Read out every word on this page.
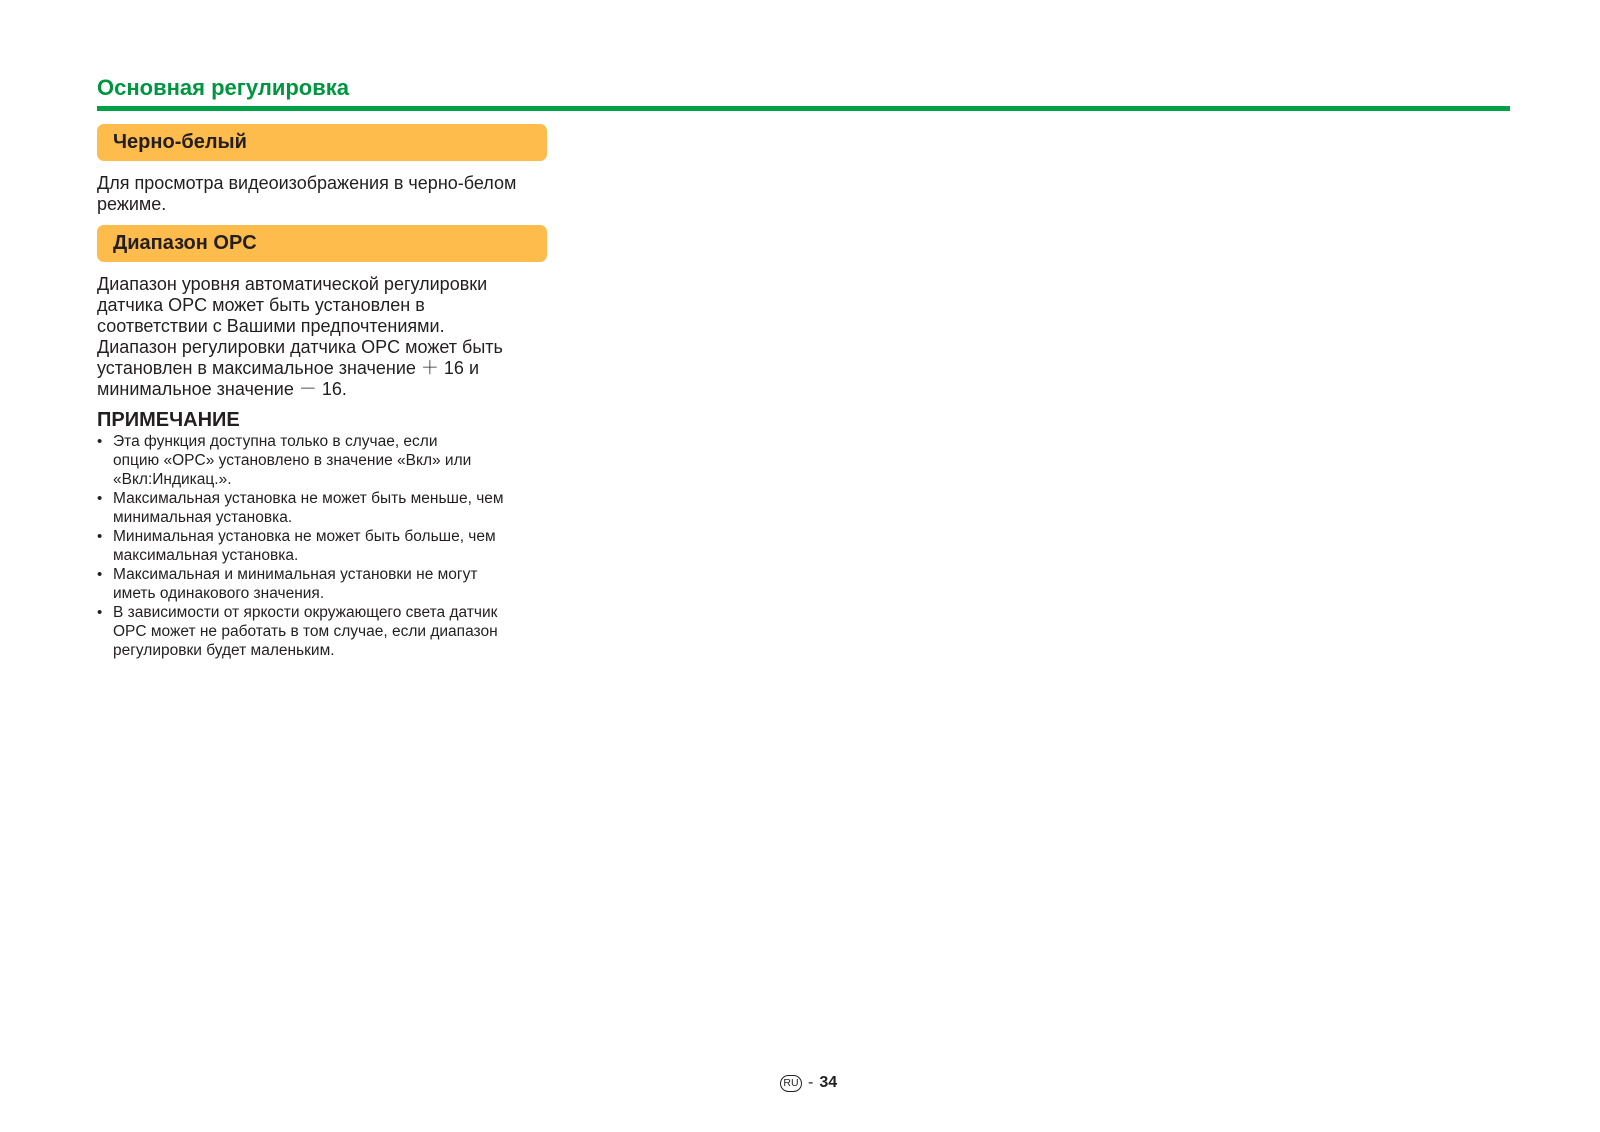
Основная регулировка
Черно-белый

Для просмотра видеоизображения в черно-белом
режиме.

Диапазон OPC

Диапазон уровня автоматической регулировки
датчика OPC может быть установлен в
соответствии с Вашими предпочтениями.
Диапазон регулировки датчика OPC может быть
установлен в максимальное значение ＋ 16 и
минимальное значение － 16.

ПРИМЕЧАНИЕ
• Эта функция доступна только в случае, если
опцию «OPC» установлено в значение «Вкл» или
«Вкл:Индикац.».
• Максимальная установка не может быть меньше, чем
минимальная установка.
• Минимальная установка не может быть больше, чем
максимальная установка.
• Максимальная и минимальная установки не могут
иметь одинакового значения.
• В зависимости от яркости окружающего света датчик
OPC может не работать в том случае, если диапазон
регулировки будет маленьким.
RU - 34
